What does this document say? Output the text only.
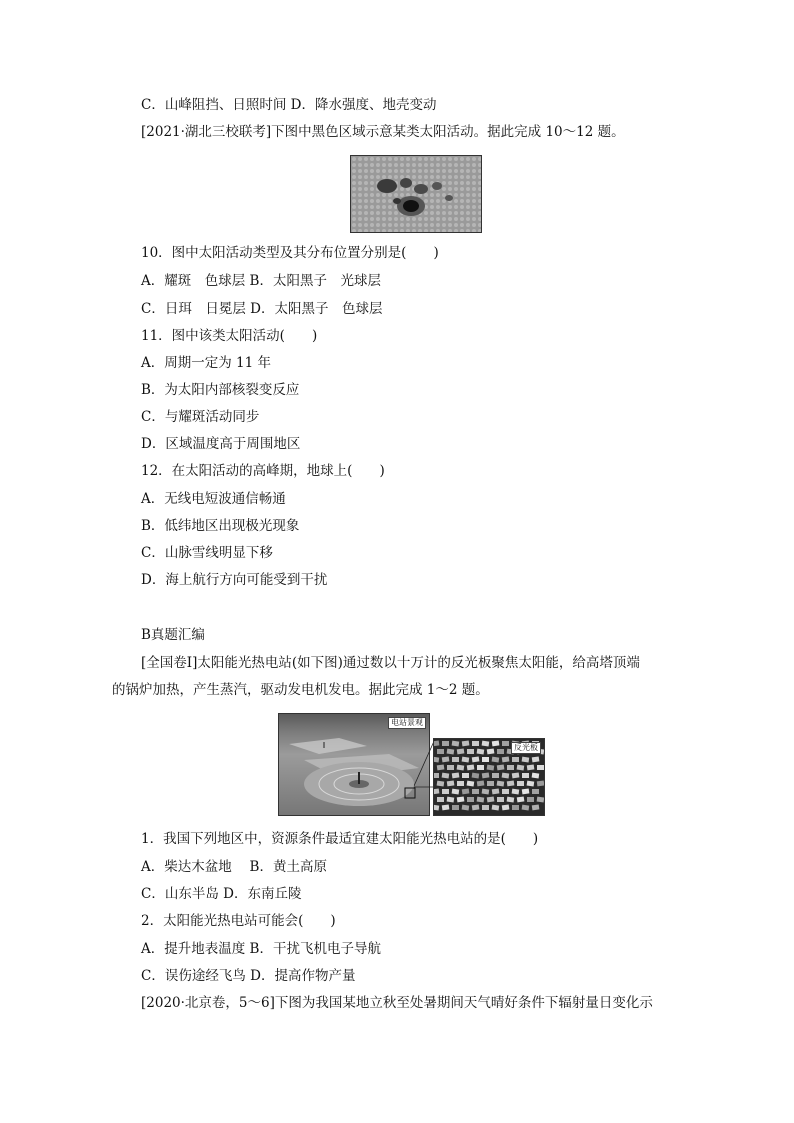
C．山峰阻挡、日照时间 D．降水强度、地壳变动
[2021·湖北三校联考]下图中黑色区域示意某类太阳活动。据此完成 10～12 题。
10．图中太阳活动类型及其分布位置分别是(　　)
A．耀斑　色球层 B．太阳黑子　光球层
C．日珥　日冕层 D．太阳黑子　色球层
11．图中该类太阳活动(　　)
A．周期一定为 11 年
B．为太阳内部核裂变反应
C．与耀斑活动同步
D．区域温度高于周围地区
12．在太阳活动的高峰期，地球上(　　)
A．无线电短波通信畅通
B．低纬地区出现极光现象
C．山脉雪线明显下移
D．海上航行方向可能受到干扰
B真题汇编
[全国卷Ⅰ]太阳能光热电站(如下图)通过数以十万计的反光板聚焦太阳能，给高塔顶端
的锅炉加热，产生蒸汽，驱动发电机发电。据此完成 1～2 题。
1．我国下列地区中，资源条件最适宜建太阳能光热电站的是(　　)
A．柴达木盆地　 B．黄土高原
C．山东半岛 D．东南丘陵
2．太阳能光热电站可能会(　　)
A．提升地表温度 B．干扰飞机电子导航
C．误伤途经飞鸟 D．提高作物产量
[2020·北京卷，5～6]下图为我国某地立秋至处暑期间天气晴好条件下辐射量日变化示
电站景观
反光板
